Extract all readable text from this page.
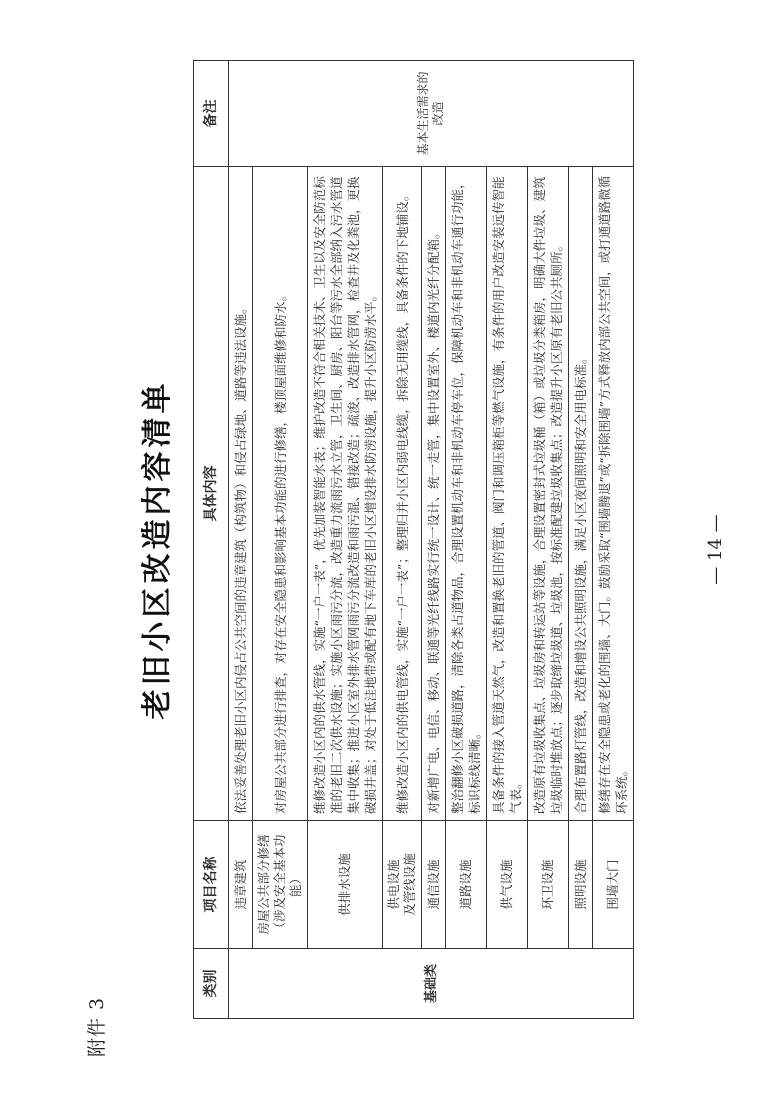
附件 3
老旧小区改造内容清单
类别	项目名称	具体内容	备注
基础类	违章建筑	依法妥善处理老旧小区内侵占公共空间的违章建筑（构筑物）和侵占绿地、道路等违法设施。	基本生活需求的改造

	房屋公共部分修缮 （涉及安全基本功能）	对房屋公共部分进行排查，对存在安全隐患和影响基本功能的进行修缮，楼顶屋面维修和防水。	

	供排水设施	维修改造小区内的供水管线，实施“一户一表”，优先加装智能水表；维护改造不符合相关技术、卫生以及安全防范标准的老旧二次供水设施；实施小区雨污分流，改造重力流雨污水立管，卫生间、厨房、阳台等污水全部纳入污水管道集中收集；推进小区室外排水管网雨污分流改造和雨污混、错接改造；疏浚、改造排水管网，检查井及化粪池，更换破损井盖；对处于低洼地带或配有地下车库的老旧小区增设排水防涝设施，提升小区防涝水平。	

	供电设施 及管线设施	维修改造小区内的供电管线，实施“一户一表”；整理归并小区内弱电线缆，拆除无用缆线，具备条件的下地铺设。	

	通信设施	对新增广电、电信、移动、联通等光纤线路实行统一设计、统一走管，集中设置室外、楼道内光纤分配箱。	

	道路设施	整治翻修小区破损道路，清除各类占道物品，合理设置机动车和非机动车停车位，保障机动车和非机动车通行功能，标识标线清晰。	

	供气设施	具备条件的接入管道天然气，改造和置换老旧的管道、阀门和调压箱柜等燃气设施，有条件的用户改造安装远传智能气表。	

	环卫设施	改造原有垃圾收集点、垃圾房和转运站等设施，合理设置密封式垃圾桶（箱）或垃圾分类箱房，明确大件垃圾、建筑垃圾临时堆放点；逐步取缔垃圾道、垃圾池，按标准配建垃圾收集点；改造提升小区原有老旧公共厕所。	

	照明设施	合理布置路灯管线，改造和增设公共照明设施，满足小区夜间照明和安全用电标准。	

	围墙大门	修缮存在安全隐患或老化的围墙、大门。鼓励采取“围墙腾退”或“拆除围墙”方式释放内部公共空间，或打通道路微循环系统。	
— 14 —
